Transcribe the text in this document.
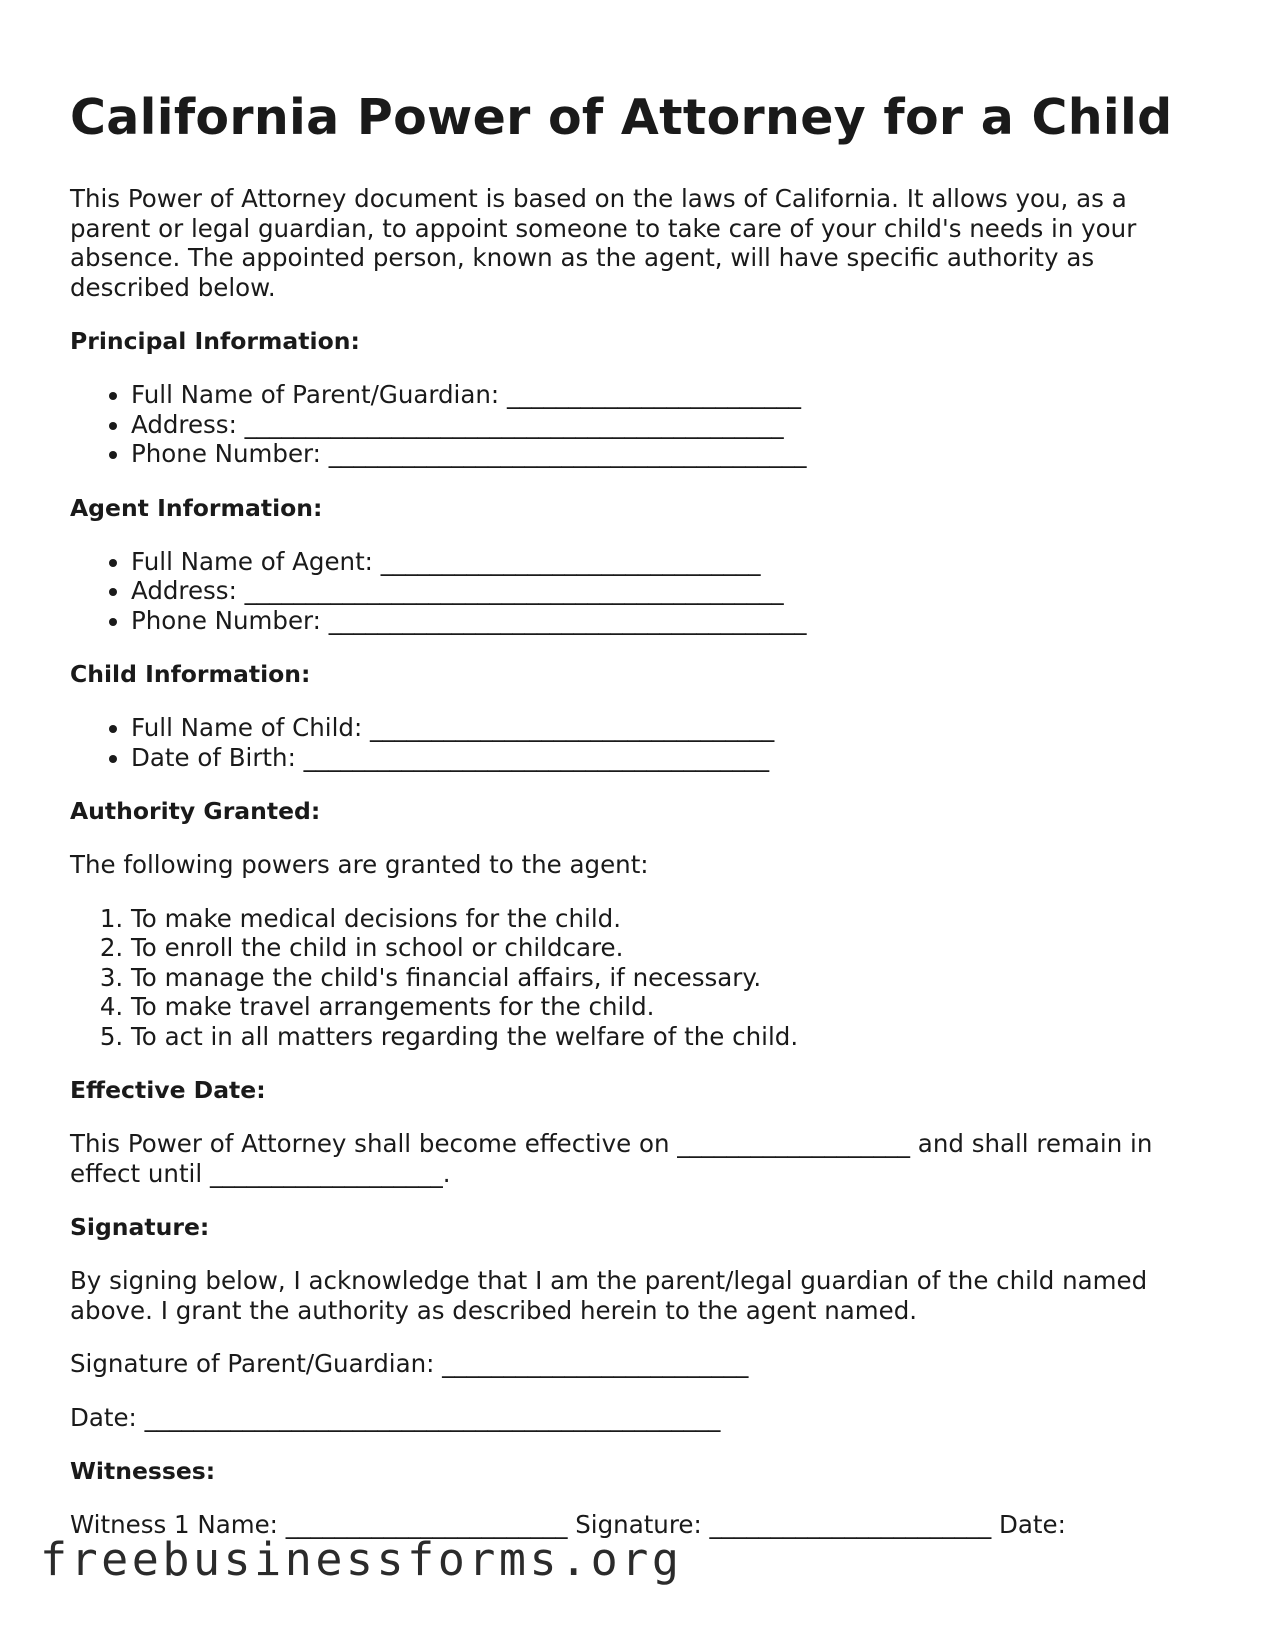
California Power of Attorney for a Child

This Power of Attorney document is based on the laws of California. It allows you, as a parent or legal guardian, to appoint someone to take care of your child's needs in your absence. The appointed person, known as the agent, will have specific authority as described below.

Principal Information:
• Full Name of Parent/Guardian: ________________________
• Address: ____________________________________________
• Phone Number: _______________________________________
Agent Information:
• Full Name of Agent: _______________________________
• Address: ____________________________________________
• Phone Number: _______________________________________
Child Information:
• Full Name of Child: _________________________________
• Date of Birth: ______________________________________
Authority Granted:

The following powers are granted to the agent:

1. To make medical decisions for the child.
2. To enroll the child in school or childcare.
3. To manage the child's financial affairs, if necessary.
4. To make travel arrangements for the child.
5. To act in all matters regarding the welfare of the child.
Effective Date:

This Power of Attorney shall become effective on ___________________ and shall remain in effect until ___________________.

Signature:

By signing below, I acknowledge that I am the parent/legal guardian of the child named above. I grant the authority as described herein to the agent named.

Signature of Parent/Guardian: _________________________

Date: _______________________________________________

Witnesses:

Witness 1 Name: _______________________ Signature: _______________________ Date:

freebusinessforms.org
